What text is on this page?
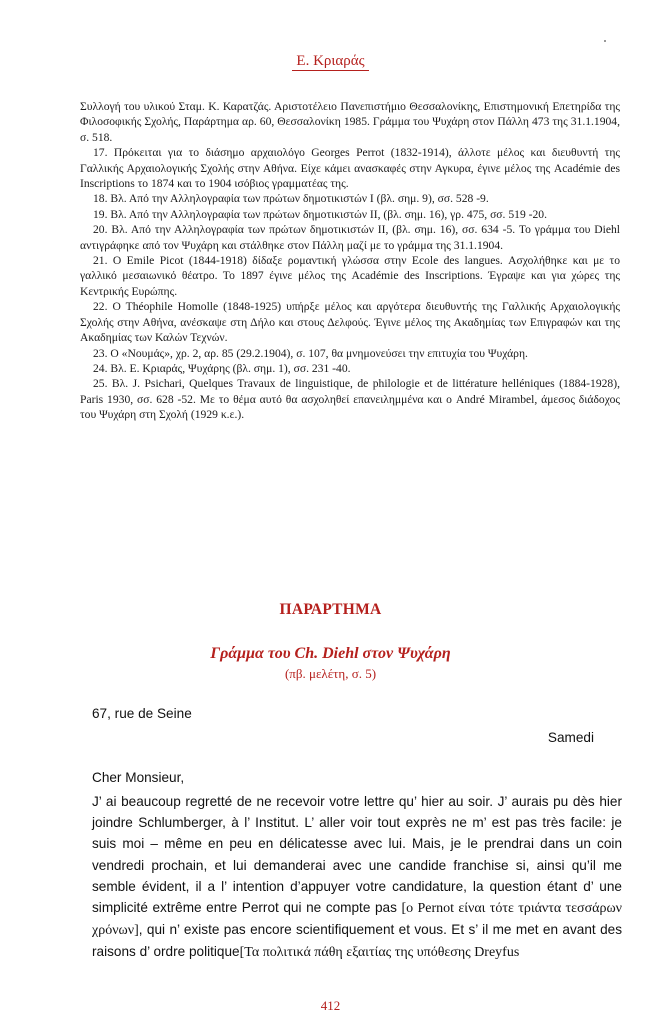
Ε. Κριαράς

Συλλογή του υλικού Σταμ. Κ. Καρατζάς. Αριστοτέλειο Πανεπιστήμιο Θεσσαλονίκης, Επιστημονική Επετηρίδα της Φιλοσοφικής Σχολής, Παράρτημα αρ. 60, Θεσσαλονίκη 1985. Γράμμα του Ψυχάρη στον Πάλλη 473 της 31.1.1904, σ. 518.

17. Πρόκειται για το διάσημο αρχαιολόγο Georges Perrot (1832-1914), άλλοτε μέλος και διευθυντή της Γαλλικής Αρχαιολογικής Σχολής στην Αθήνα. Είχε κάμει ανασκαφές στην Αγκυρα, έγινε μέλος της Académie des Inscriptions το 1874 και το 1904 ισόβιος γραμματέας της.

18. Βλ. Από την Αλληλογραφία των πρώτων δημοτικιστών I (βλ. σημ. 9), σσ. 528 -9.

19. Βλ. Από την Αλληλογραφία των πρώτων δημοτικιστών II, (βλ. σημ. 16), γρ. 475, σσ. 519 -20.

20. Βλ. Από την Αλληλογραφία των πρώτων δημοτικιστών II, (βλ. σημ. 16), σσ. 634 -5. Το γράμμα του Diehl αντιγράφηκε από τον Ψυχάρη και στάλθηκε στον Πάλλη μαζί με το γράμμα της 31.1.1904.

21. O Emile Picot (1844-1918) δίδαξε ρομαντική γλώσσα στην Ecole des langues. Ασχολήθηκε και με το γαλλικό μεσαιωνικό θέατρο. Το 1897 έγινε μέλος της Académie des Inscriptions. Έγραψε και για χώρες της Κεντρικής Ευρώπης.

22. O Théophile Homolle (1848-1925) υπήρξε μέλος και αργότερα διευθυντής της Γαλλικής Αρχαιολογικής Σχολής στην Αθήνα, ανέσκαψε στη Δήλο και στους Δελφούς. Έγινε μέλος της Ακαδημίας των Επιγραφών και της Ακαδημίας των Καλών Τεχνών.

23. Ο «Νουμάς», χρ. 2, αρ. 85 (29.2.1904), σ. 107, θα μνημονεύσει την επιτυχία του Ψυχάρη.

24. Βλ. Ε. Κριαράς, Ψυχάρης (βλ. σημ. 1), σσ. 231 -40.

25. Βλ. J. Psichari, Quelques Travaux de linguistique, de philologie et de littérature helléniques (1884-1928), Paris 1930, σσ. 628 -52. Με το θέμα αυτό θα ασχοληθεί επανειλημμένα και ο André Mirambel, άμεσος διάδοχος του Ψυχάρη στη Σχολή (1929 κ.ε.).

ΠΑΡΑΡΤΗΜΑ
Γράμμα του Ch. Diehl στον Ψυχάρη
(πβ. μελέτη, σ. 5)
67, rue de Seine
Samedi
Cher Monsieur,
J’ ai beaucoup regretté de ne recevoir votre lettre qu’ hier au soir. J’ aurais pu dès hier joindre Schlumberger, à l’ Institut. L’ aller voir tout exprès ne m’ est pas très facile: je suis moi – même en peu en délicatesse avec lui. Mais, je le prendrai dans un coin vendredi prochain, et lui demanderai avec une candide franchise si, ainsi qu’il me semble évident, il a l’ intention d’appuyer votre candidature, la question étant d’ une simplicité extrême entre Perrot qui ne compte pas [ο Pernot είναι τότε τριάντα τεσσάρων χρόνων], qui n’ existe pas encore scientifiquement et vous. Et s’ il me met en avant des raisons d’ ordre politique[Τα πολιτικά πάθη εξαιτίας της υπόθεσης Dreyfus
412
